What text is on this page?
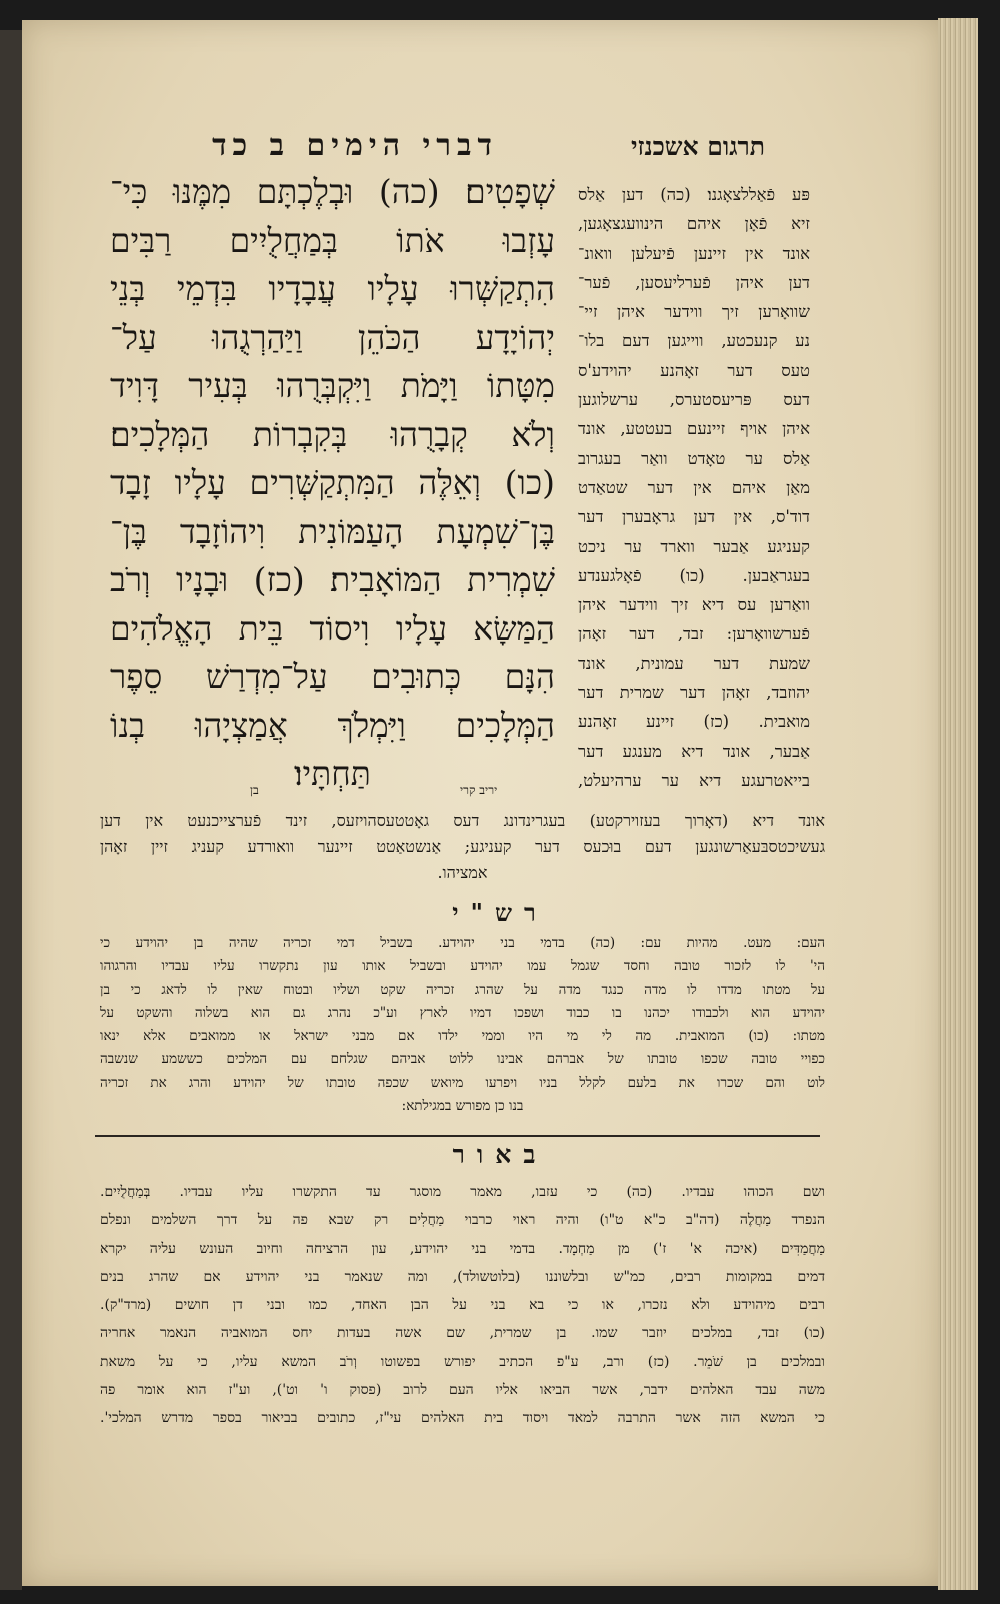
דברי הימים ב כד	תרגום אשכנזי
שְׁפָטִים׃ (כה) וּבְלֶכְתָּם מִמֶּנּוּ כִּי־
עָזְבוּ אֹתוֹ בְּמַחֲלֻיִים רַבִּים
הִתְקַשְּׁרוּ עָלָיו עֲבָדָיו בִּדְמֵי בְּנֵי
יְהוֹיָדָע הַכֹּהֵן וַיַּהַרְגֻהוּ עַל־
מִטָּתוֹ וַיָּמֹת וַיִּקְבְּרֻהוּ בְּעִיר דָּוִיד
וְלֹא קְבָרֻהוּ בְּקִבְרוֹת הַמְּלָכִים׃
(כו) וְאֵלֶּה הַמִּתְקַשְּׁרִים עָלָיו זָבָד
בֶּן־שִׁמְעָת הָעַמּוֹנִית וִיהוֹזָבָד בֶּן־
שִׁמְרִית הַמּוֹאָבִית׃ (כז) וּבָנָיו וְרֹב
הַמַּשָּׂא עָלָיו וִיסוֹד בֵּית הָאֱלֹהִים
הִנָּם כְּתוּבִים עַל־מִדְרַשׁ סֵפֶר
הַמְּלָכִים וַיִּמְלֹךְ אֲמַצְיָהוּ בְנוֹ
תַּחְתָּיו׃
פּע פֿאַללצאָגנו׃ (כה) דען אַלס
זיא פֿאָן איהם הינוועגצאָגען,
אונד אין זיינען פֿיעלען וואונ־
דען איהן פֿערליעסען, פֿער־
שוואָרען זיך ווידער איהן זיי־
נע קנעכטע, ווייגען דעם בלו־
טעס דער זאָהנע יהוידע'ס
דעס פּריעסטערס, ערשלוגען
איהן אויף זיינעם בעטטע, אונד
אַלס ער טאָדט וואַר בעגרוב
מאַן איהם אין דער שטאַדט
דוד'ס, אין דען גראָבערן דער
קעניגע אַבער ווארד ער ניכט
בעגראַבען. (כו) פֿאָלגענדע
וואַרען עס דיא זיך ווידער איהן
פֿערשוואָרען: זבד, דער זאָהן
שמעת דער עמונית, אונד
יהוזבד, זאָהן דער שמרית דער
מואבית. (כז) זיינע זאָהנע
אַבער, אונד דיא מענגע דער
בייאטרעגע דיא ער ערהיעלט,
יריב קרי
בן
אונד דיא (דאָרוך בעזוירקטע) בעגרינדונג דעס גאָטטעסהויזעס, זינד פֿערצייכנעט אין דען
געשיכטסבּעאַרשונגען דעם בוּכעס דער קעניגע; אַנשטאַטט זיינער וואורדע קעניג זיין זאָהן
אמציהו.
רש"י
העם: מעט. מהיות עם: (כה) בדמי בני יהוידע. בשביל דמי זכריה שהיה בן יהוידע כי
הי' לו לזכור טובה וחסד שגמל עמו יהוידע ובשביל אותו עון נתקשרו עליו עבדיו והרגוהו
על מטתו מדדו לו מדה כנגד מדה על שהרג זכריה שקט ושליו ובטוח שאין לו לדאג כי בן
יהוידע הוא ולכבודו יכהנו בו כבוד ושפכו דמיו לארץ וע"כ נהרג גם הוא בשלוה והשקט על
מטתו: (כו) המואבית. מה לי מי היו וממי ילדו אם מבני ישראל או ממואבים אלא ינאו
כפויי טובה שכפו טובתו של אברהם אבינו ללוט אביהם שגלחם עם המלכים כששמע שנשבה
לוט והם שכרו את בלעם לקלל בניו ויפרעו מיואש שכפה טובתו של יהוידע והרג את זכריה
בנו כן מפורש במגילתא:
באור
ושם הכוהו עבדיו. (כה) כי עזבו, מאמר מוסגר עד התקשרו עליו עבדיו. בְּמַחֲלֻיִים.
הנפרד מַחֲלֶה (דה"ב כ"א ט"ו) והיה ראוי כרבוי מַחֲלִים רק שבא פה על דרך השלמים ונפלם
מַחֲמַדִּים (איכה א' ז') מן מַחְמָד. בדמי בני יהוידע, עון הרציחה וחיוב העונש עליה יקרא
דמים במקומות רבים, כמ"ש ובלשוננו (בלוטשולד), ומה שנאמר בני יהוידע אם שהרג בנים
רבים מיהוידע ולא נזכרו, או כי בא בני על הבן האחד, כמו ובני דן חושים (מרד"ק).
(כו) זבד, במלכים יוזבר שמו. בן שמרית, שם אשה בעדות יחס המואביה הנאמר אחריה
ובמלכים בן שֹׁמֵר. (כז) ורב, ע"פ הכתיב יפורש בפשוטו וְרֹב המשא עליו, כי על משאת
משה עבד האלהים ידבר, אשר הביאו אליו העם לרוב (פסוק ו' וט'), וע"ז הוא אומר פה
כי המשא הזה אשר התרבה למאד ויסוד בית האלהים עי"ז, כתובים בביאור בספר מדרש המלכי'.
